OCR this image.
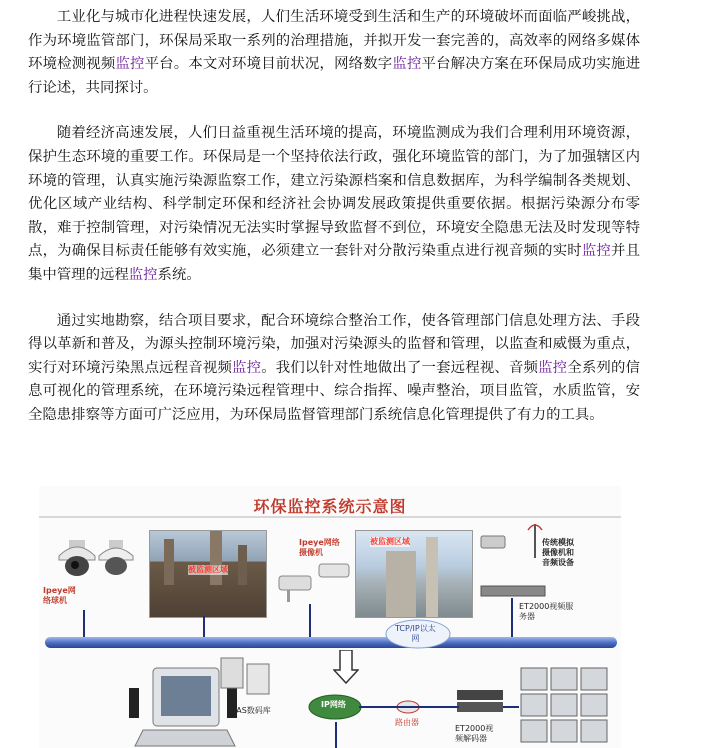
工业化与城市化进程快速发展，人们生活环境受到生活和生产的环境破坏而面临严峻挑战，作为环境监管部门，环保局采取一系列的治理措施，并拟开发一套完善的，高效率的网络多媒体环境检测视频监控平台。本文对环境目前状况，网络数字监控平台解决方案在环保局成功实施进行论述，共同探讨。

随着经济高速发展，人们日益重视生活环境的提高，环境监测成为我们合理利用环境资源，保护生态环境的重要工作。环保局是一个坚持依法行政，强化环境监管的部门，为了加强辖区内环境的管理，认真实施污染源监察工作，建立污染源档案和信息数据库，为科学编制各类规划、优化区域产业结构、科学制定环保和经济社会协调发展政策提供重要依据。根据污染源分布零散，难于控制管理，对污染情况无法实时掌握导致监督不到位，环境安全隐患无法及时发现等特点，为确保目标责任能够有效实施，必须建立一套针对分散污染重点进行视音频的实时监控并且集中管理的远程监控系统。

通过实地勘察，结合项目要求，配合环境综合整治工作，使各管理部门信息处理方法、手段得以革新和普及，为源头控制环境污染，加强对污染源头的监督和管理，以监查和威慑为重点，实行对环境污染黑点远程音视频监控。我们以针对性地做出了一套远程视、音频监控全系列的信息可视化的管理系统，在环境污染远程管理中、综合指挥、噪声整治，项目监管，水质监管，安全隐患排察等方面可广泛应用，为环保局监督管理部门系统信息化管理提供了有力的工具。

环保监控系统示意图
Ipeye网
络球机
被监测区域
Ipeye网络
摄像机
被监测区域	传统模拟
摄像机和
音频设备
ET2000视频服
务器
TCP/IP以太
网
SAS数码库
IP网络
路由器
ET2000视
频解码器
